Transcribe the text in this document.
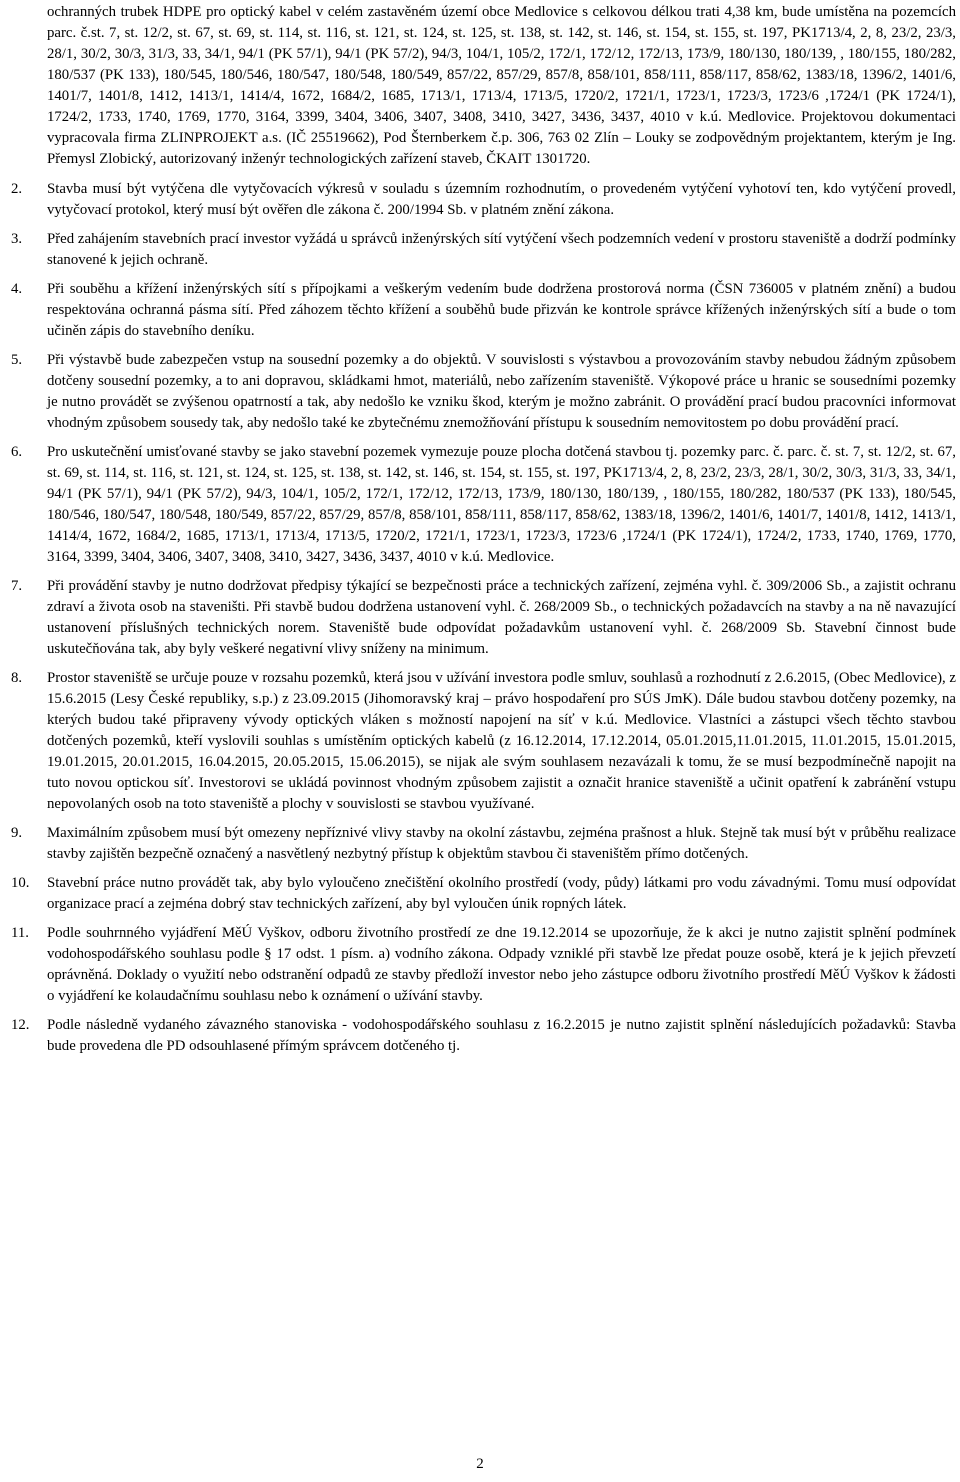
ochranných trubek HDPE pro optický kabel v celém zastavěném území obce Medlovice s celkovou délkou trati 4,38 km, bude umístěna na pozemcích parc. č.st. 7, st. 12/2, st. 67, st. 69, st. 114, st. 116, st. 121, st. 124, st. 125, st. 138, st. 142, st. 146, st. 154, st. 155, st. 197, PK1713/4, 2, 8, 23/2, 23/3, 28/1, 30/2, 30/3, 31/3, 33, 34/1, 94/1 (PK 57/1), 94/1 (PK 57/2), 94/3, 104/1, 105/2, 172/1, 172/12, 172/13, 173/9, 180/130, 180/139, , 180/155, 180/282, 180/537 (PK 133), 180/545, 180/546, 180/547, 180/548, 180/549, 857/22, 857/29, 857/8, 858/101, 858/111, 858/117, 858/62, 1383/18, 1396/2, 1401/6, 1401/7, 1401/8, 1412, 1413/1, 1414/4, 1672, 1684/2, 1685, 1713/1, 1713/4, 1713/5, 1720/2, 1721/1, 1723/1, 1723/3, 1723/6 ,1724/1 (PK 1724/1), 1724/2, 1733, 1740, 1769, 1770, 3164, 3399, 3404, 3406, 3407, 3408, 3410, 3427, 3436, 3437, 4010 v k.ú. Medlovice. Projektovou dokumentaci vypracovala firma ZLINPROJEKT a.s. (IČ 25519662), Pod Šternberkem č.p. 306, 763 02 Zlín – Louky se zodpovědným projektantem, kterým je Ing. Přemysl Zlobický, autorizovaný inženýr technologických zařízení staveb, ČKAIT 1301720.

2. Stavba musí být vytýčena dle vytyčovacích výkresů v souladu s územním rozhodnutím, o provedeném vytýčení vyhotoví ten, kdo vytýčení provedl, vytyčovací protokol, který musí být ověřen dle zákona č. 200/1994 Sb. v platném znění zákona.
3. Před zahájením stavebních prací investor vyžádá u správců inženýrských sítí vytýčení všech podzemních vedení v prostoru staveniště a dodrží podmínky stanovené k jejich ochraně.
4. Při souběhu a křížení inženýrských sítí s přípojkami a veškerým vedením bude dodržena prostorová norma (ČSN 736005 v platném znění) a budou respektována ochranná pásma sítí. Před záhozem těchto křížení a souběhů bude přizván ke kontrole správce křížených inženýrských sítí a bude o tom učiněn zápis do stavebního deníku.
5. Při výstavbě bude zabezpečen vstup na sousední pozemky a do objektů. V souvislosti s výstavbou a provozováním stavby nebudou žádným způsobem dotčeny sousední pozemky, a to ani dopravou, skládkami hmot, materiálů, nebo zařízením staveniště. Výkopové práce u hranic se sousedními pozemky je nutno provádět se zvýšenou opatrností a tak, aby nedošlo ke vzniku škod, kterým je možno zabránit. O provádění prací budou pracovníci informovat vhodným způsobem sousedy tak, aby nedošlo také ke zbytečnému znemožňování přístupu k sousedním nemovitostem po dobu provádění prací.
6. Pro uskutečnění umisťované stavby se jako stavební pozemek vymezuje pouze plocha dotčená stavbou tj. pozemky parc. č. parc. č. st. 7, st. 12/2, st. 67, st. 69, st. 114, st. 116, st. 121, st. 124, st. 125, st. 138, st. 142, st. 146, st. 154, st. 155, st. 197, PK1713/4, 2, 8, 23/2, 23/3, 28/1, 30/2, 30/3, 31/3, 33, 34/1, 94/1 (PK 57/1), 94/1 (PK 57/2), 94/3, 104/1, 105/2, 172/1, 172/12, 172/13, 173/9, 180/130, 180/139, , 180/155, 180/282, 180/537 (PK 133), 180/545, 180/546, 180/547, 180/548, 180/549, 857/22, 857/29, 857/8, 858/101, 858/111, 858/117, 858/62, 1383/18, 1396/2, 1401/6, 1401/7, 1401/8, 1412, 1413/1, 1414/4, 1672, 1684/2, 1685, 1713/1, 1713/4, 1713/5, 1720/2, 1721/1, 1723/1, 1723/3, 1723/6 ,1724/1 (PK 1724/1), 1724/2, 1733, 1740, 1769, 1770, 3164, 3399, 3404, 3406, 3407, 3408, 3410, 3427, 3436, 3437, 4010 v k.ú. Medlovice.
7. Při provádění stavby je nutno dodržovat předpisy týkající se bezpečnosti práce a technických zařízení, zejména vyhl. č. 309/2006 Sb., a zajistit ochranu zdraví a života osob na staveništi. Při stavbě budou dodržena ustanovení vyhl. č. 268/2009 Sb., o technických požadavcích na stavby a na ně navazující ustanovení příslušných technických norem. Staveniště bude odpovídat požadavkům ustanovení vyhl. č. 268/2009 Sb. Stavební činnost bude uskutečňována tak, aby byly veškeré negativní vlivy sníženy na minimum.
8. Prostor staveniště se určuje pouze v rozsahu pozemků, která jsou v užívání investora podle smluv, souhlasů a rozhodnutí z 2.6.2015, (Obec Medlovice), z 15.6.2015 (Lesy České republiky, s.p.) z 23.09.2015 (Jihomoravský kraj – právo hospodaření pro SÚS JmK). Dále budou stavbou dotčeny pozemky, na kterých budou také připraveny vývody optických vláken s možností napojení na síť v k.ú. Medlovice. Vlastníci a zástupci všech těchto stavbou dotčených pozemků, kteří vyslovili souhlas s umístěním optických kabelů (z 16.12.2014, 17.12.2014, 05.01.2015,11.01.2015, 11.01.2015, 15.01.2015, 19.01.2015, 20.01.2015, 16.04.2015, 20.05.2015, 15.06.2015), se nijak ale svým souhlasem nezavázali k tomu, že se musí bezpodmínečně napojit na tuto novou optickou síť. Investorovi se ukládá povinnost vhodným způsobem zajistit a označit hranice staveniště a učinit opatření k zabránění vstupu nepovolaných osob na toto staveniště a plochy v souvislosti se stavbou využívané.
9. Maximálním způsobem musí být omezeny nepříznivé vlivy stavby na okolní zástavbu, zejména prašnost a hluk. Stejně tak musí být v průběhu realizace stavby zajištěn bezpečně označený a nasvětlený nezbytný přístup k objektům stavbou či staveništěm přímo dotčených.
10. Stavební práce nutno provádět tak, aby bylo vyloučeno znečištění okolního prostředí (vody, půdy) látkami pro vodu závadnými. Tomu musí odpovídat organizace prací a zejména dobrý stav technických zařízení, aby byl vyloučen únik ropných látek.
11. Podle souhrnného vyjádření MěÚ Vyškov, odboru životního prostředí ze dne 19.12.2014 se upozorňuje, že k akci je nutno zajistit splnění podmínek vodohospodářského souhlasu podle § 17 odst. 1 písm. a) vodního zákona. Odpady vzniklé při stavbě lze předat pouze osobě, která je k jejich převzetí oprávněná. Doklady o využití nebo odstranění odpadů ze stavby předloží investor nebo jeho zástupce odboru životního prostředí MěÚ Vyškov k žádosti o vyjádření ke kolaudačnímu souhlasu nebo k oznámení o užívání stavby.
12. Podle následně vydaného závazného stanoviska - vodohospodářského souhlasu z 16.2.2015 je nutno zajistit splnění následujících požadavků: Stavba bude provedena dle PD odsouhlasené přímým správcem dotčeného tj.
2
